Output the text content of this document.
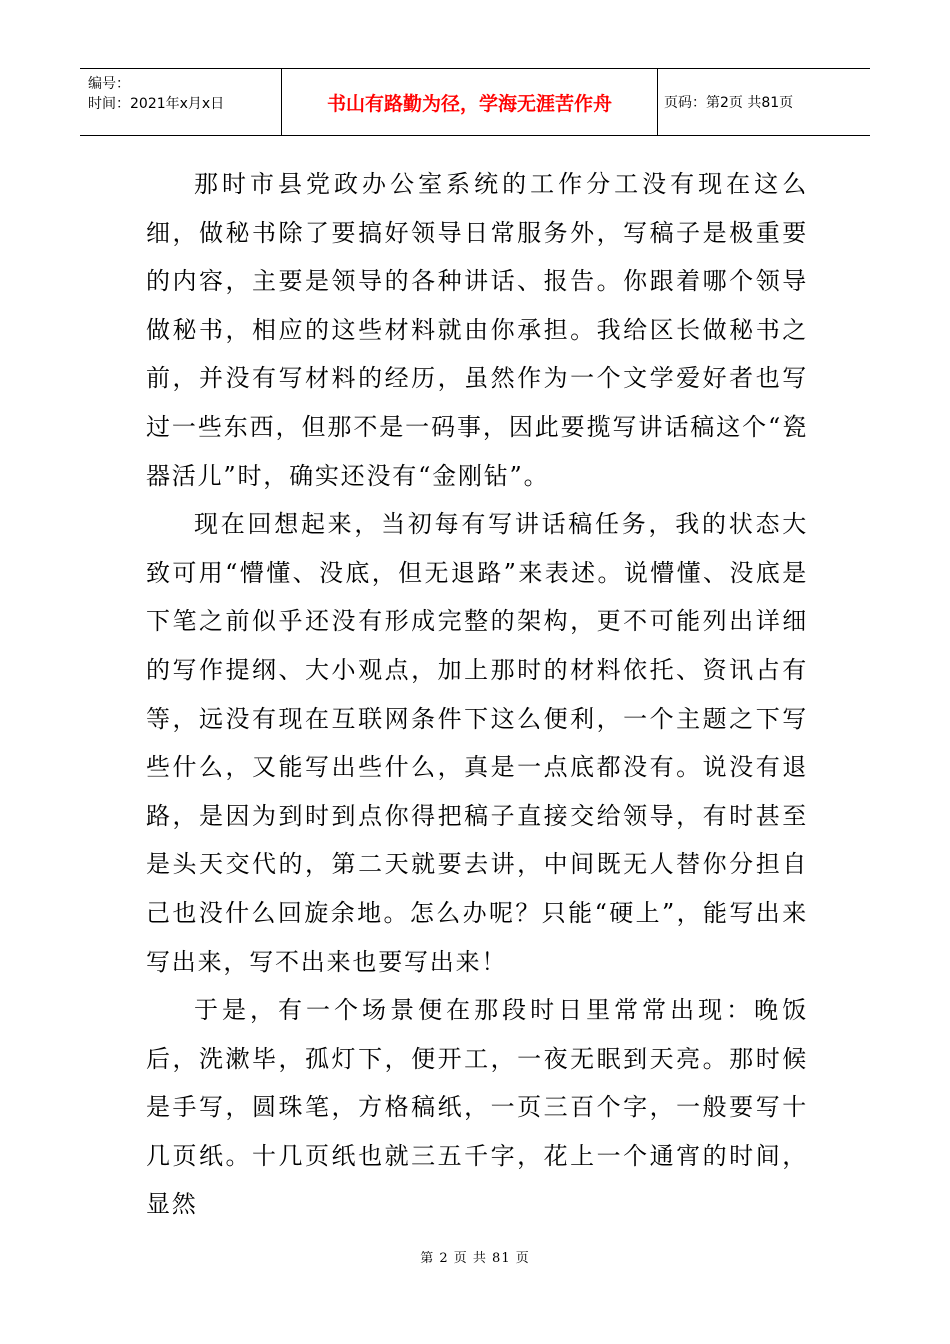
编号：
时间：2021年x月x日	书山有路勤为径，学海无涯苦作舟	页码：第2页 共81页

那时市县党政办公室系统的工作分工没有现在这么细，做秘书除了要搞好领导日常服务外，写稿子是极重要的内容，主要是领导的各种讲话、报告。你跟着哪个领导做秘书，相应的这些材料就由你承担。我给区长做秘书之前，并没有写材料的经历，虽然作为一个文学爱好者也写过一些东西，但那不是一码事，因此要揽写讲话稿这个“瓷器活儿”时，确实还没有“金刚钻”。

现在回想起来，当初每有写讲话稿任务，我的状态大致可用“懵懂、没底，但无退路”来表述。说懵懂、没底是下笔之前似乎还没有形成完整的架构，更不可能列出详细的写作提纲、大小观点，加上那时的材料依托、资讯占有等，远没有现在互联网条件下这么便利，一个主题之下写些什么，又能写出些什么，真是一点底都没有。说没有退路，是因为到时到点你得把稿子直接交给领导，有时甚至是头天交代的，第二天就要去讲，中间既无人替你分担自己也没什么回旋余地。怎么办呢？只能“硬上”，能写出来写出来，写不出来也要写出来！

于是，有一个场景便在那段时日里常常出现：晚饭后，洗漱毕，孤灯下，便开工，一夜无眠到天亮。那时候是手写，圆珠笔，方格稿纸，一页三百个字，一般要写十几页纸。十几页纸也就三五千字，花上一个通宵的时间，显然

第 2 页 共 81 页
